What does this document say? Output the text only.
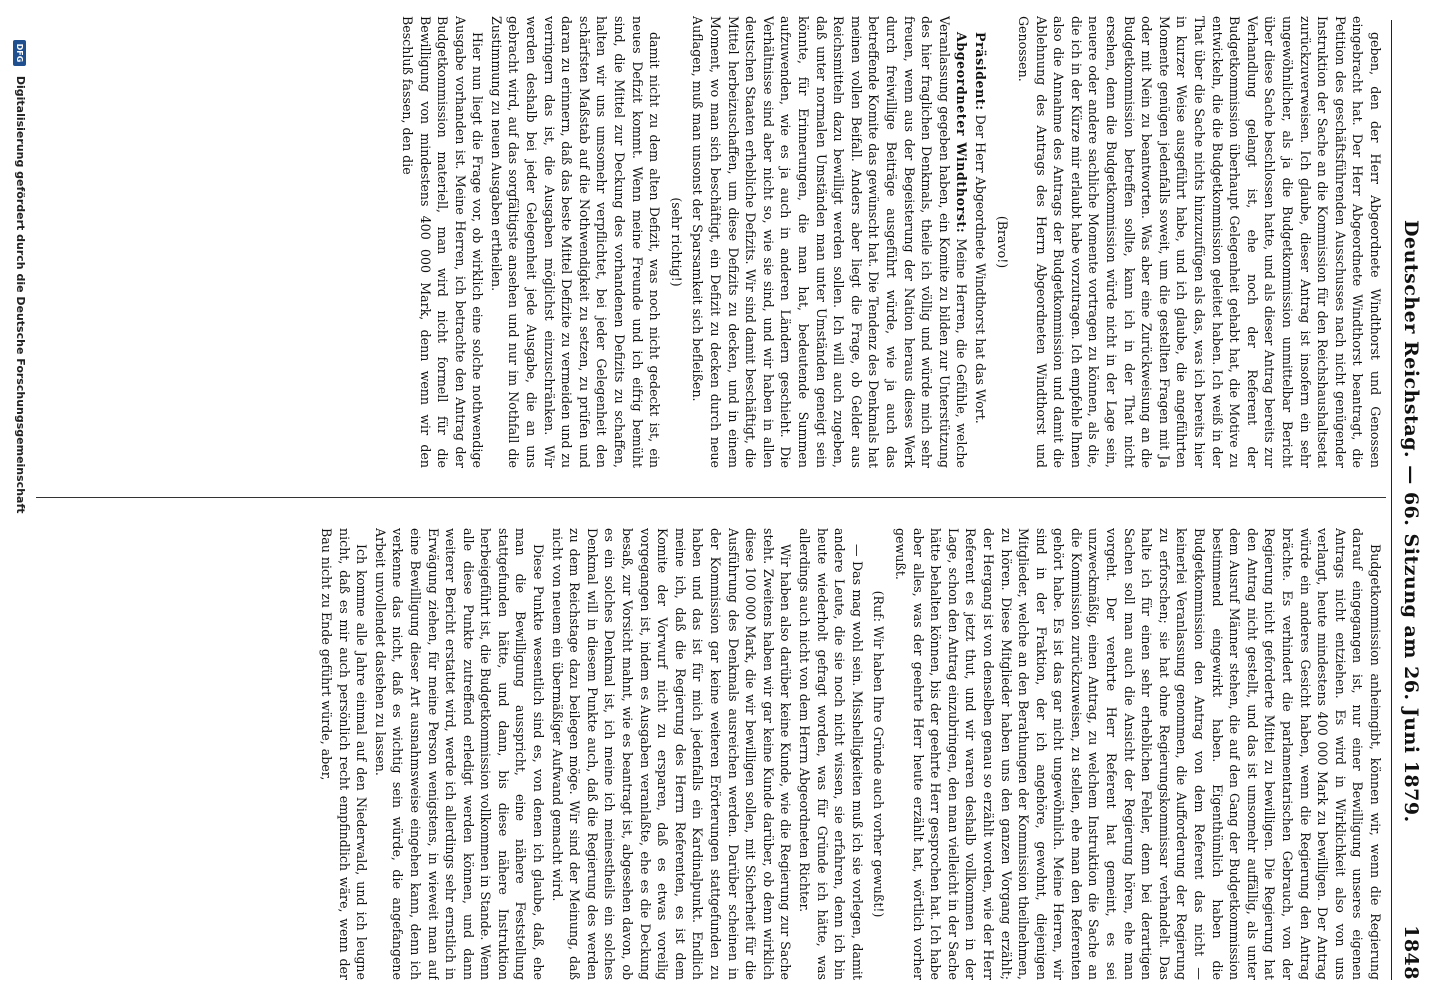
Deutscher Reichstag. — 66. Sitzung am 26. Juni 1879.
1848

geben, den der Herr Abgeordnete Windthorst und Genossen eingebracht hat. Der Herr Abgeordnete Windthorst beantragt, die Petition des geschäftsführenden Ausschusses nach nicht genügender Instruktion der Sache an die Kommission für den Reichshaushaltsetat zurückzuverweisen. Ich glaube, dieser Antrag ist insofern ein sehr ungewöhnlicher, als ja die Budgetkommission unmittelbar Bericht über diese Sache beschlossen hatte, und als dieser Antrag bereits zur Verhandlung gelangt ist, ehe noch der Referent der Budgetkommission überhaupt Gelegenheit gehabt hat, die Motive zu entwickeln, die die Budgetkommission geleitet haben. Ich weiß in der That über die Sache nichts hinzuzufügen als das, was ich bereits hier in kurzer Weise ausgeführt habe, und ich glaube, die angeführten Momente genügen jedenfalls soweit, um die gestellten Fragen mit Ja oder mit Nein zu beantworten. Was aber eine Zurückweisung an die Budgetkommission betreffen sollte, kann ich in der That nicht ersehen, denn die Budgetkommission würde nicht in der Lage sein, neuere oder andere sachliche Momente vortragen zu können, als die, die ich in der Kürze mir erlaubt habe vorzutragen. Ich empfehle Ihnen also die Annahme des Antrags der Budgetkommission und damit die Ablehnung des Antrags des Herrn Abgeordneten Windthorst und Genossen.

(Bravo!)

Präsident: Der Herr Abgeordnete Windthorst hat das Wort.

Abgeordneter Windthorst: Meine Herren, die Gefühle, welche Veranlassung gegeben haben, ein Komite zu bilden zur Unterstützung des hier fraglichen Denkmals, theile ich völlig und würde mich sehr freuen, wenn aus der Begeisterung der Nation heraus dieses Werk durch freiwillige Beiträge ausgeführt würde, wie ja auch das betreffende Komite das gewünscht hat. Die Tendenz des Denkmals hat meinen vollen Beifall. Anders aber liegt die Frage, ob Gelder aus Reichsmitteln dazu bewilligt werden sollen. Ich will auch zugeben, daß unter normalen Umständen man unter Umständen geneigt sein könnte, für Erinnerungen, die man hat, bedeutende Summen aufzuwenden, wie es ja auch in anderen Ländern geschieht. Die Verhältnisse sind aber nicht so, wie sie sind, und wir haben in allen deutschen Staaten erhebliche Defizits. Wir sind damit beschäftigt, die Mittel herbeizuschaffen, um diese Defizits zu decken, und in einem Moment, wo man sich beschäftigt, ein Defizit zu decken durch neue Auflagen, muß man unsonst der Sparsamkeit sich befleißen.

(sehr richtig!)

damit nicht zu dem alten Defizit, was noch nicht gedeckt ist, ein neues Defizit kommt. Wenn meine Freunde und ich eifrig bemüht sind, die Mittel zur Deckung des vorhandenen Defizits zu schaffen, halten wir uns umsomehr verpflichtet, bei jeder Gelegenheit den schärfsten Maßstab auf die Nothwendigkeit zu setzen, zu prüfen und daran zu erinnern, daß das beste Mittel Defizite zu vermeiden und zu verringern das ist, die Ausgaben möglichst einzuschränken. Wir werden deshalb bei jeder Gelegenheit jede Ausgabe, die an uns gebracht wird, auf das sorgfältigste ansehen und nur im Nothfall die Zustimmung zu neuen Ausgaben ertheilen.

Hier nun liegt die Frage vor, ob wirklich eine solche nothwendige Ausgabe vorhanden ist. Meine Herren, ich betrachte den Antrag der Budgetkommission materiell, man wird nicht formell für die Bewilligung von mindestens 400 000 Mark, denn wenn wir den Beschluß fassen, den die

Budgetkommission anheimgibt, können wir, wenn die Regierung darauf eingegangen ist, nur einer Bewilligung unseres eigenen Antrags nicht entziehen. Es wird in Wirklichkeit also von uns verlangt, heute mindestens 400 000 Mark zu bewilligen. Der Antrag würde ein anderes Gesicht haben, wenn die Regierung den Antrag brächte. Es verhindert die parlamentarischen Gebrauch, von der Regierung nicht geforderte Mittel zu bewilligen. Die Regierung hat den Antrag nicht gestellt, und das ist umsomehr auffällig, als unter dem Ausruf Männer stehen, die auf den Gang der Budgetkommission bestimmend eingewirkt haben. Eigenthümlich haben die Budgetkommission den Antrag von dem Referent das nicht — keinerlei Veranlassung genommen, die Aufforderung der Regierung zu erforschen; sie hat ohne Regierungskommissar verhandelt. Das halte ich für einen sehr erheblichen Fehler, denn bei derartigen Sachen soll man auch die Ansicht der Regierung hören, ehe man vorgeht. Der verehrte Herr Referent hat gemeint, es sei unzweckmäßig, einen Antrag, zu welchem Instruktion die Sache an die Kommission zurückzuweisen, zu stellen, ehe man den Referenten gehört habe. Es ist das gar nicht ungewöhnlich. Meine Herren, wir sind in der Fraktion, der ich angehöre, gewohnt, diejenigen Mitglieder, welche an den Berathungen der Kommission theilnehmen, zu hören. Diese Mitglieder haben uns den ganzen Vorgang erzählt; der Hergang ist von denselben genau so erzählt worden, wie der Herr Referent es jetzt thut, und wir waren deshalb vollkommen in der Lage, schon den Antrag einzubringen, den man vielleicht in der Sache hätte behalten können, bis der geehrte Herr gesprochen hat. Ich habe aber alles, was der geehrte Herr heute erzählt hat, wörtlich vorher gewußt.

(Ruf: Wir haben Ihre Gründe auch vorher gewußt!)

— Das mag wohl sein. Misshelligkeiten muß ich sie vorlegen, damit andere Leute, die sie noch nicht wissen, sie erfahren, denn ich bin heute wiederholt gefragt worden, was für Gründe ich hätte, was allerdings auch nicht von dem Herrn Abgeordneten Richter.

Wir haben also darüber keine Kunde, wie die Regierung zur Sache steht. Zweitens haben wir gar keine Kunde darüber, ob denn wirklich diese 100 000 Mark, die wir bewilligen sollen, mit Sicherheit für die Ausführung des Denkmals ausreichen werden. Darüber scheinen in der Kommission gar keine weiteren Erörterungen stattgefunden zu haben und das ist für mich jedenfalls ein Kardinalpunkt. Endlich meine ich, daß die Regierung des Herrn Referenten, es ist dem Komite der Vorwurf nicht zu ersparen, daß es etwas voreilig vorgegangen ist, indem es Ausgaben veranlaßte, ehe es die Deckung besaß, zur Vorsicht mahnt, wie es beantragt ist, abgesehen davon, ob es ein solches Denkmal ist, ich meine ich meinestheils ein solches Denkmal will in diesem Punkte auch, daß die Regierung des werden zu dem Reichstage dazu beilegen möge. Wir sind der Meinung, daß nicht von neuem ein übermäßiger Aufwand gemacht wird.

Diese Punkte wesentlich sind es, von denen ich glaube, daß, ehe man die Bewilligung ausspricht, eine nähere Feststellung stattgefunden hätte, und dann, bis diese nähere Instruktion herbeigeführt ist, die Budgetkommission vollkommen in Stande. Wenn alle diese Punkte zutreffend erledigt werden können, und dann weiterer Bericht erstattet wird, werde ich allerdings sehr ernstlich in Erwägung ziehen, für meine Person wenigstens, in wieweit man auf eine Bewilligung dieser Art ausnahmsweise eingehen kann, denn ich verkenne das nicht, daß es wichtig sein würde, die angefangene Arbeit unvollendet dastehen zu lassen.

Ich komme alle Jahre einmal auf den Niederwald, und ich leugne nicht, daß es mir auch persönlich recht empfindlich wäre, wenn der Bau nicht zu Ende geführt würde, aber,

DFG Digitalisierung gefördert durch die Deutsche Forschungsgemeinschaft
